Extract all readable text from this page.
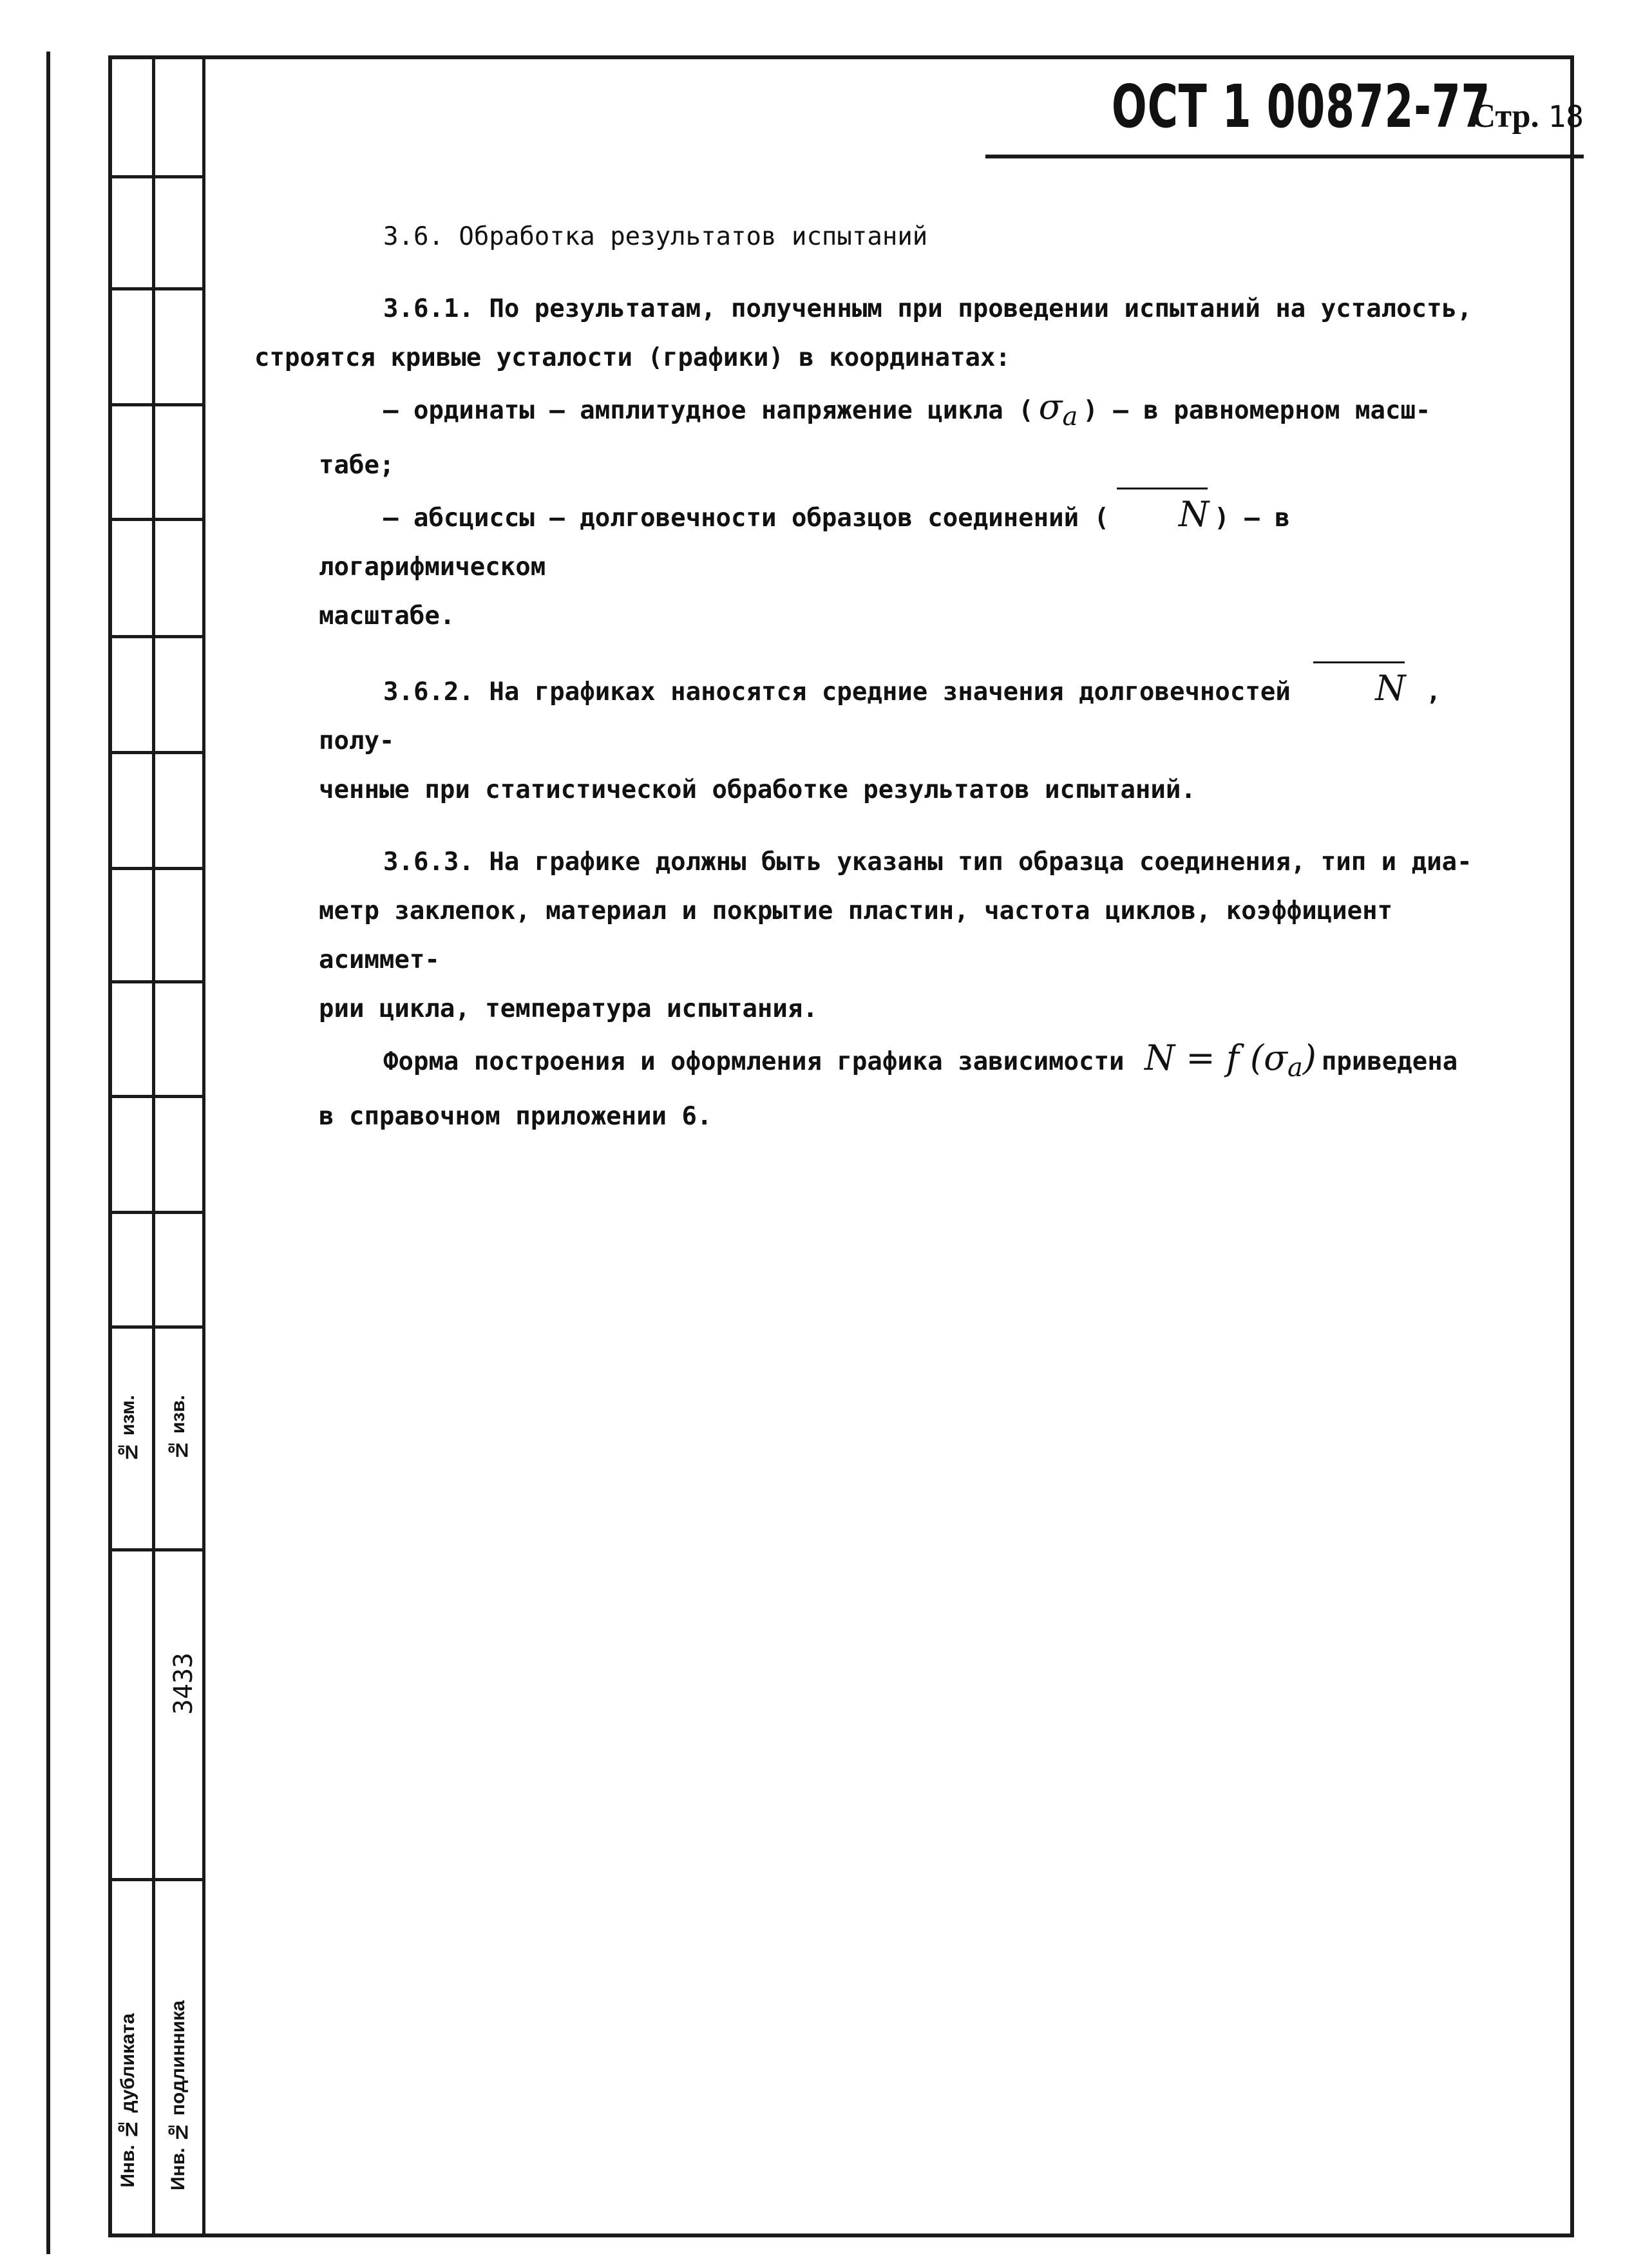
№ изм. № изв.
3433
Инв. № дубликата Инв. № подлинника
ОСТ 1 00872-77
Стр. 18

3.6. Обработка результатов испытаний

3.6.1. По результатам, полученным при проведении испытаний на усталость,
строятся кривые усталости (графики) в координатах:

– ординаты – амплитудное напряжение цикла ( $\sigma_a$ ) – в равномерном масш-

табе;

– абсциссы – долговечности образцов соединений ( N ) – в логарифмическом

масштабе.

3.6.2. На графиках наносятся средние значения долговечностей N , полу-

ченные при статистической обработке результатов испытаний.

3.6.3. На графике должны быть указаны тип образца соединения, тип и диа-

метр заклепок, материал и покрытие пластин, частота циклов, коэффициент асиммет-

рии цикла, температура испытания.

Форма построения и оформления графика зависимости N = f $(\sigma_a)$ приведена

в справочном приложении 6.
